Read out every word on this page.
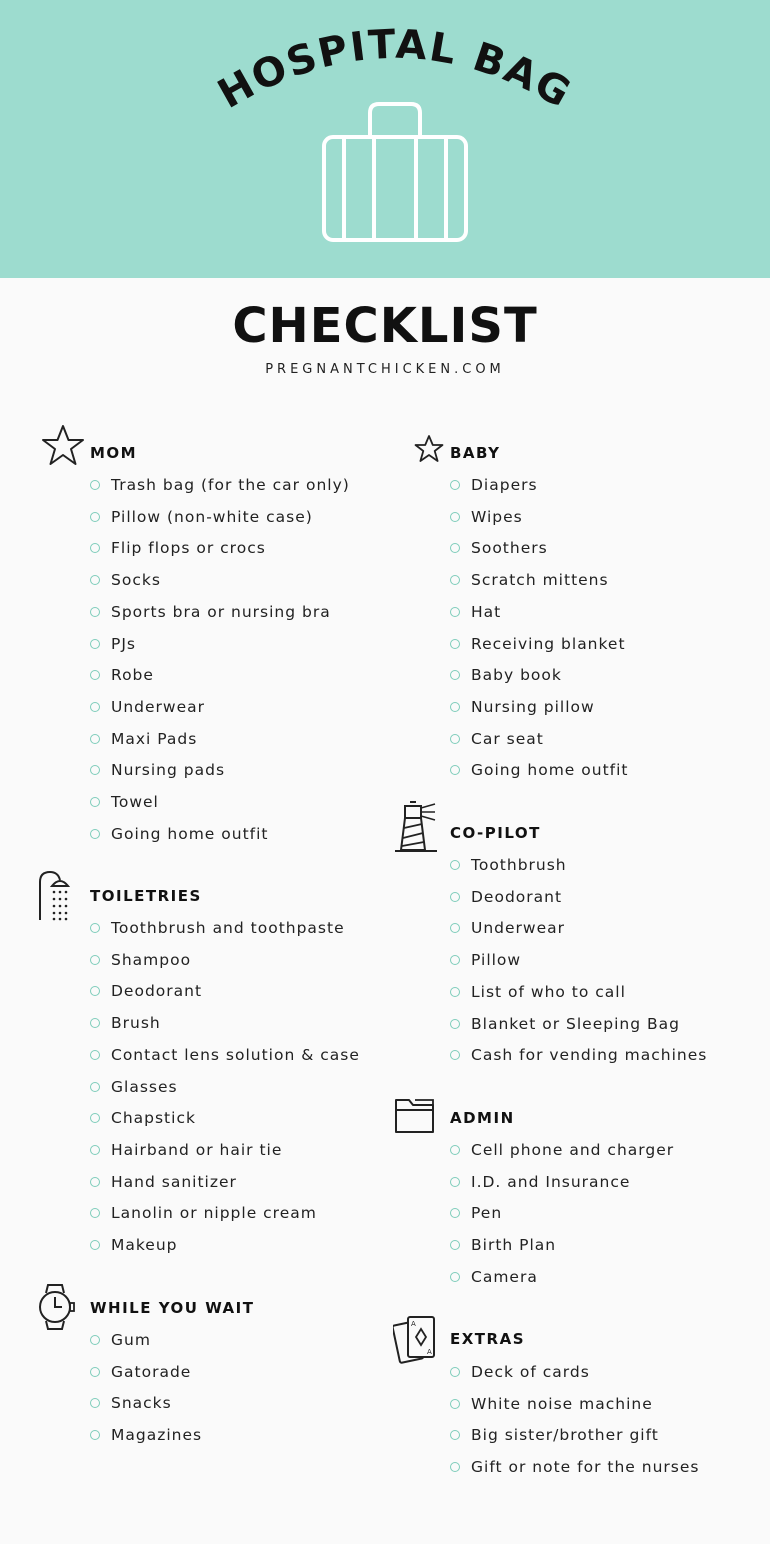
HOSPITAL BAG
CHECKLIST
PREGNANTCHICKEN.COM
A
A
MOM
TOILETRIES
WHILE YOU WAIT
BABY
CO-PILOT
ADMIN
EXTRAS
Trash bag (for the car only)
Pillow (non-white case)
Flip flops or crocs
Socks
Sports bra or nursing bra
PJs
Robe
Underwear
Maxi Pads
Nursing pads
Towel
Going home outfit
Toothbrush and toothpaste
Shampoo
Deodorant
Brush
Contact lens solution & case
Glasses
Chapstick
Hairband or hair tie
Hand sanitizer
Lanolin or nipple cream
Makeup
Gum
Gatorade
Snacks
Magazines
Diapers
Wipes
Soothers
Scratch mittens
Hat
Receiving blanket
Baby book
Nursing pillow
Car seat
Going home outfit
Toothbrush
Deodorant
Underwear
Pillow
List of who to call
Blanket or Sleeping Bag
Cash for vending machines
Cell phone and charger
I.D. and Insurance
Pen
Birth Plan
Camera
Deck of cards
White noise machine
Big sister/brother gift
Gift or note for the nurses
